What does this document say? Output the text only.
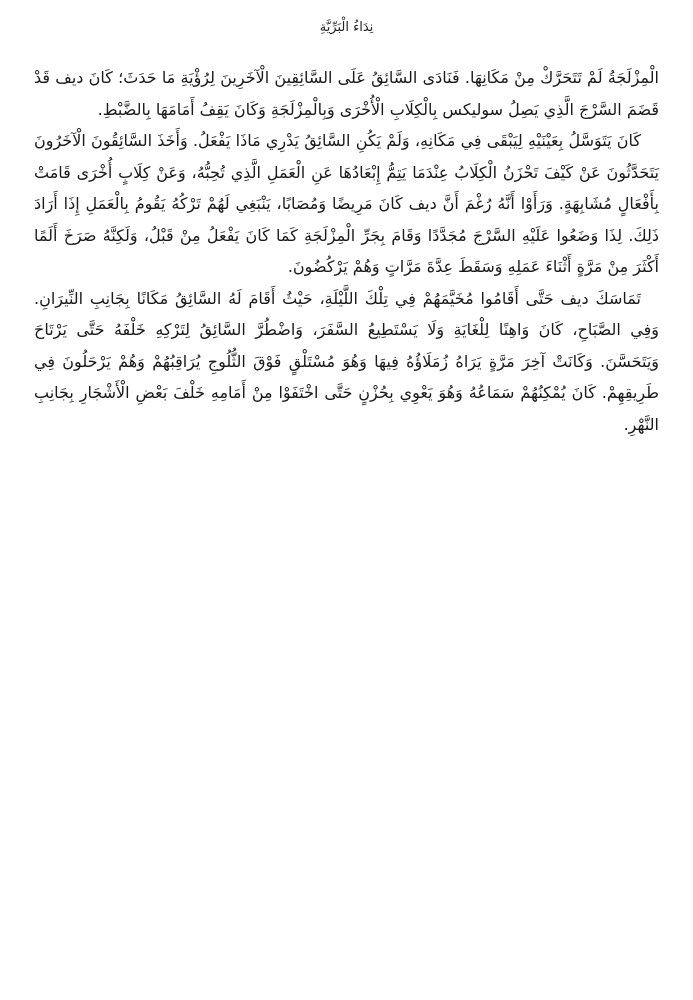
نِدَاءُ الْبَرِّيَّةِ

الْمِزْلَجَةُ لَمْ تَتَحَرَّكْ مِنْ مَكَانِهَا. فَنَادَى السَّائِقُ عَلَى السَّائِقِينَ الْآخَرِينَ لِرُؤْيَةِ مَا حَدَثَ؛ كَانَ ديف قَدْ قَضَمَ السَّرْجَ الَّذِي يَصِلُ سوليكس بِالْكِلَابِ الْأُخْرَى وَبِالْمِزْلَجَةِ وَكَانَ يَقِفُ أَمَامَهَا بِالضَّبْطِ.

كَانَ يَتَوَسَّلُ بِعَيْنَيْهِ لِيَبْقَى فِي مَكَانِهِ، وَلَمْ يَكُنِ السَّائِقُ يَدْرِي مَاذَا يَفْعَلُ. وَأَخَذَ السَّائِقُونَ الْآخَرُونَ يَتَحَدَّثُونَ عَنْ كَيْفَ تَحْزَنُ الْكِلَابُ عِنْدَمَا يَتِمُّ إِبْعَادُهَا عَنِ الْعَمَلِ الَّذِي تُحِبُّهُ، وَعَنْ كِلَابٍ أُخْرَى قَامَتْ بِأَفْعَالٍ مُشَابِهَةٍ. وَرَأَوْا أَنَّهُ رُغْمَ أَنَّ ديف كَانَ مَرِيضًا وَمُصَابًا، يَنْبَغِي لَهُمْ تَرْكُهُ يَقُومُ بِالْعَمَلِ إِذَا أَرَادَ ذَلِكَ. لِذَا وَضَعُوا عَلَيْهِ السَّرْجَ مُجَدَّدًا وَقَامَ بِجَرِّ الْمِزْلَجَةِ كَمَا كَانَ يَفْعَلُ مِنْ قَبْلُ، وَلَكِنَّهُ صَرَخَ أَلَمًا أَكْثَرَ مِنْ مَرَّةٍ أَثْنَاءَ عَمَلِهِ وَسَقَطَ عِدَّةَ مَرَّاتٍ وَهُمْ يَرْكُضُونَ.

تَمَاسَكَ ديف حَتَّى أَقَامُوا مُخَيَّمَهُمْ فِي تِلْكَ اللَّيْلَةِ، حَيْثُ أَقَامَ لَهُ السَّائِقُ مَكَانًا بِجَانِبِ النِّيرَانِ. وَفِي الصَّبَاحِ، كَانَ وَاهِنًا لِلْغَايَةِ وَلَا يَسْتَطِيعُ السَّفَرَ، وَاضْطُرَّ السَّائِقُ لِتَرْكِهِ خَلْفَهُ حَتَّى يَرْتَاحَ وَيَتَحَسَّنَ. وَكَانَتْ آخِرَ مَرَّةٍ يَرَاهُ زُمَلَاؤُهُ فِيهَا وَهُوَ مُسْتَلْقٍ فَوْقَ الثُّلُوجِ يُرَاقِبُهُمْ وَهُمْ يَرْحَلُونَ فِي طَرِيقِهِمْ. كَانَ يُمْكِنُهُمْ سَمَاعُهُ وَهُوَ يَعْوِي بِحُزْنٍ حَتَّى اخْتَفَوْا مِنْ أَمَامِهِ خَلْفَ بَعْضِ الْأَشْجَارِ بِجَانِبِ النَّهْرِ.
